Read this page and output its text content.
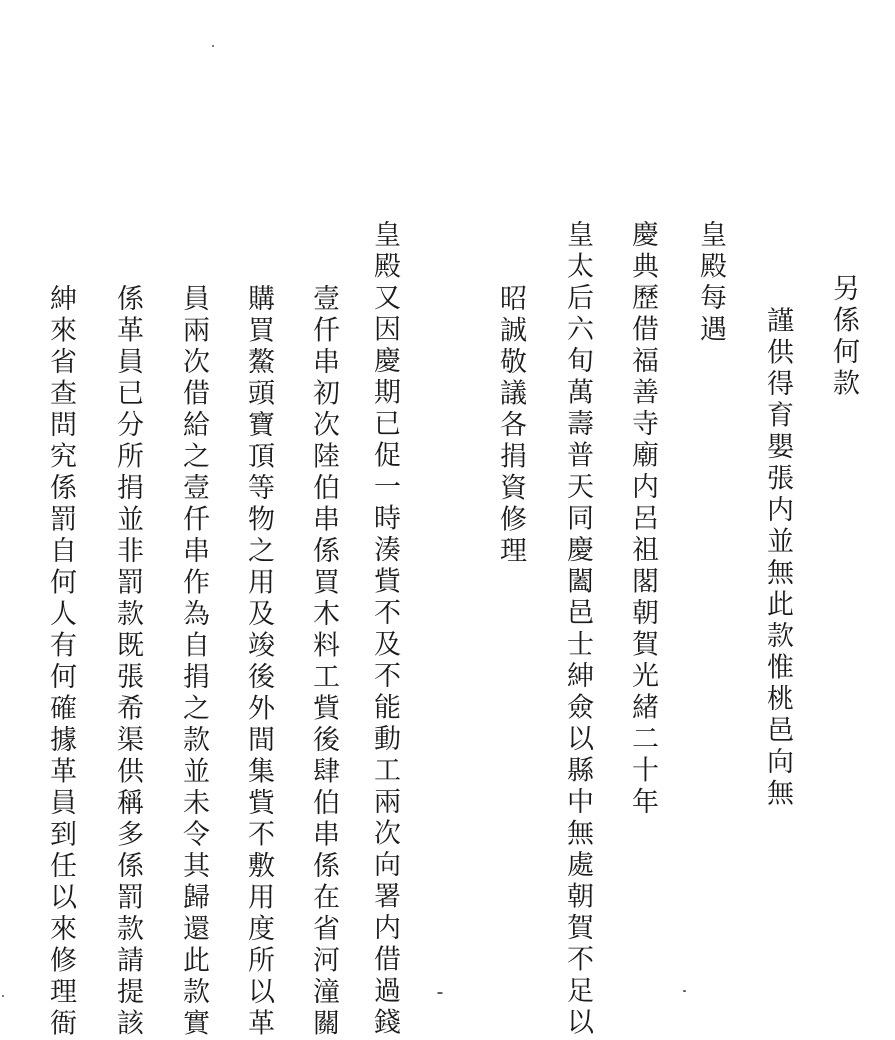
另係何款
謹供得育嬰張内並無此款惟桃邑向無
皇殿每遇
慶典歷借福善寺廟内呂祖閣朝賀光緒二十年
皇太后六旬萬壽普天同慶闔邑士紳僉以縣中無處朝賀不足以
昭誠敬議各捐資修理
皇殿又因慶期已促一時湊貲不及不能動工兩次向署内借過錢
壹仟串初次陸伯串係買木料工貲後肆伯串係在省河潼關
購買鰲頭寶頂等物之用及竣後外間集貲不敷用度所以革
員兩次借給之壹仟串作為自捐之款並未令其歸還此款實
係革員已分所捐並非罰款既張希渠供稱多係罰款請提該
紳來省查問究係罰自何人有何確據革員到任以來修理衙
